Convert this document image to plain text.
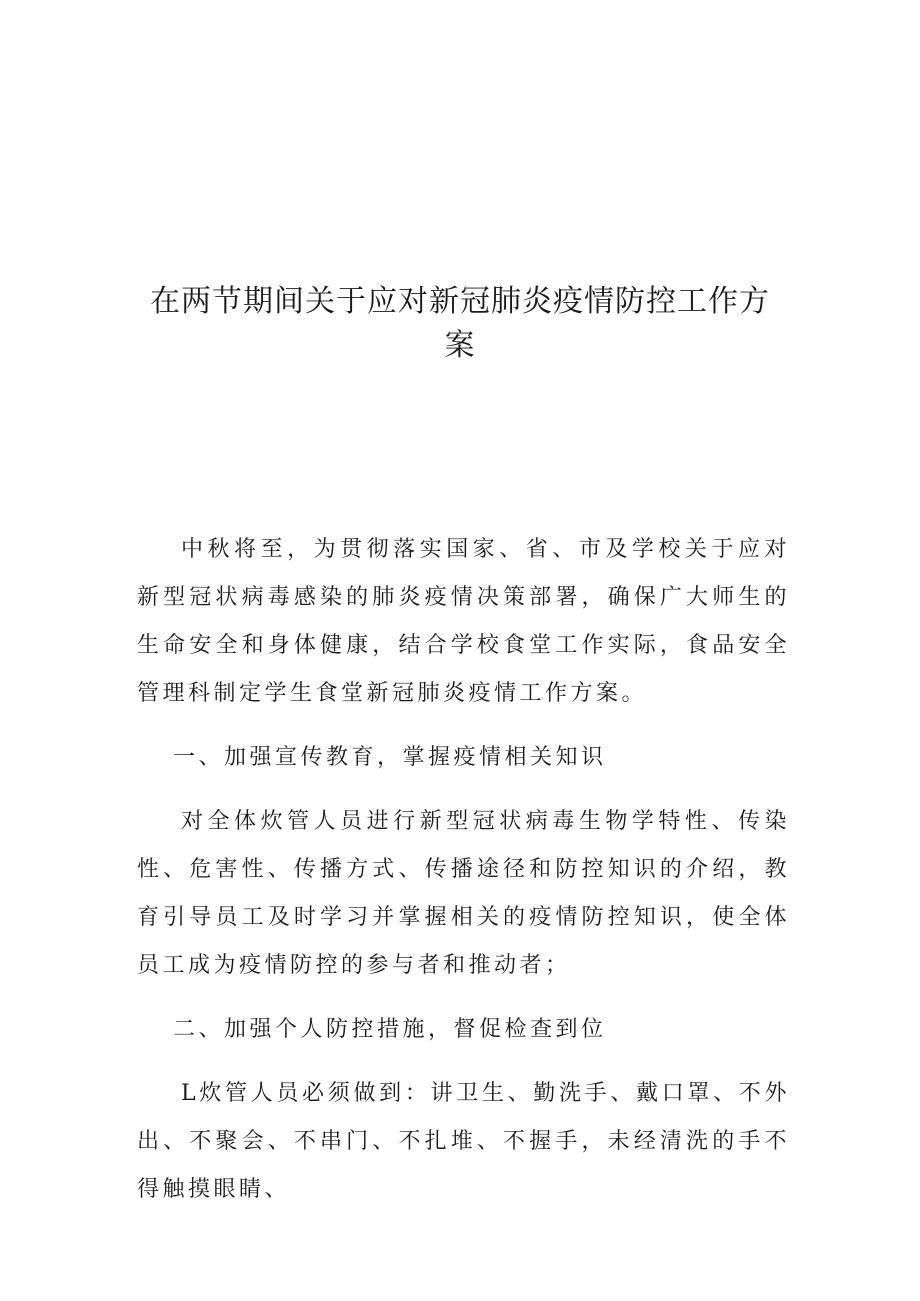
在两节期间关于应对新冠肺炎疫情防控工作方案

中秋将至，为贯彻落实国家、省、市及学校关于应对新型冠状病毒感染的肺炎疫情决策部署，确保广大师生的生命安全和身体健康，结合学校食堂工作实际，食品安全管理科制定学生食堂新冠肺炎疫情工作方案。

一、加强宣传教育，掌握疫情相关知识

对全体炊管人员进行新型冠状病毒生物学特性、传染性、危害性、传播方式、传播途径和防控知识的介绍，教育引导员工及时学习并掌握相关的疫情防控知识，使全体员工成为疫情防控的参与者和推动者；

二、加强个人防控措施，督促检查到位

L炊管人员必须做到：讲卫生、勤洗手、戴口罩、不外出、不聚会、不串门、不扎堆、不握手，未经清洗的手不得触摸眼睛、
